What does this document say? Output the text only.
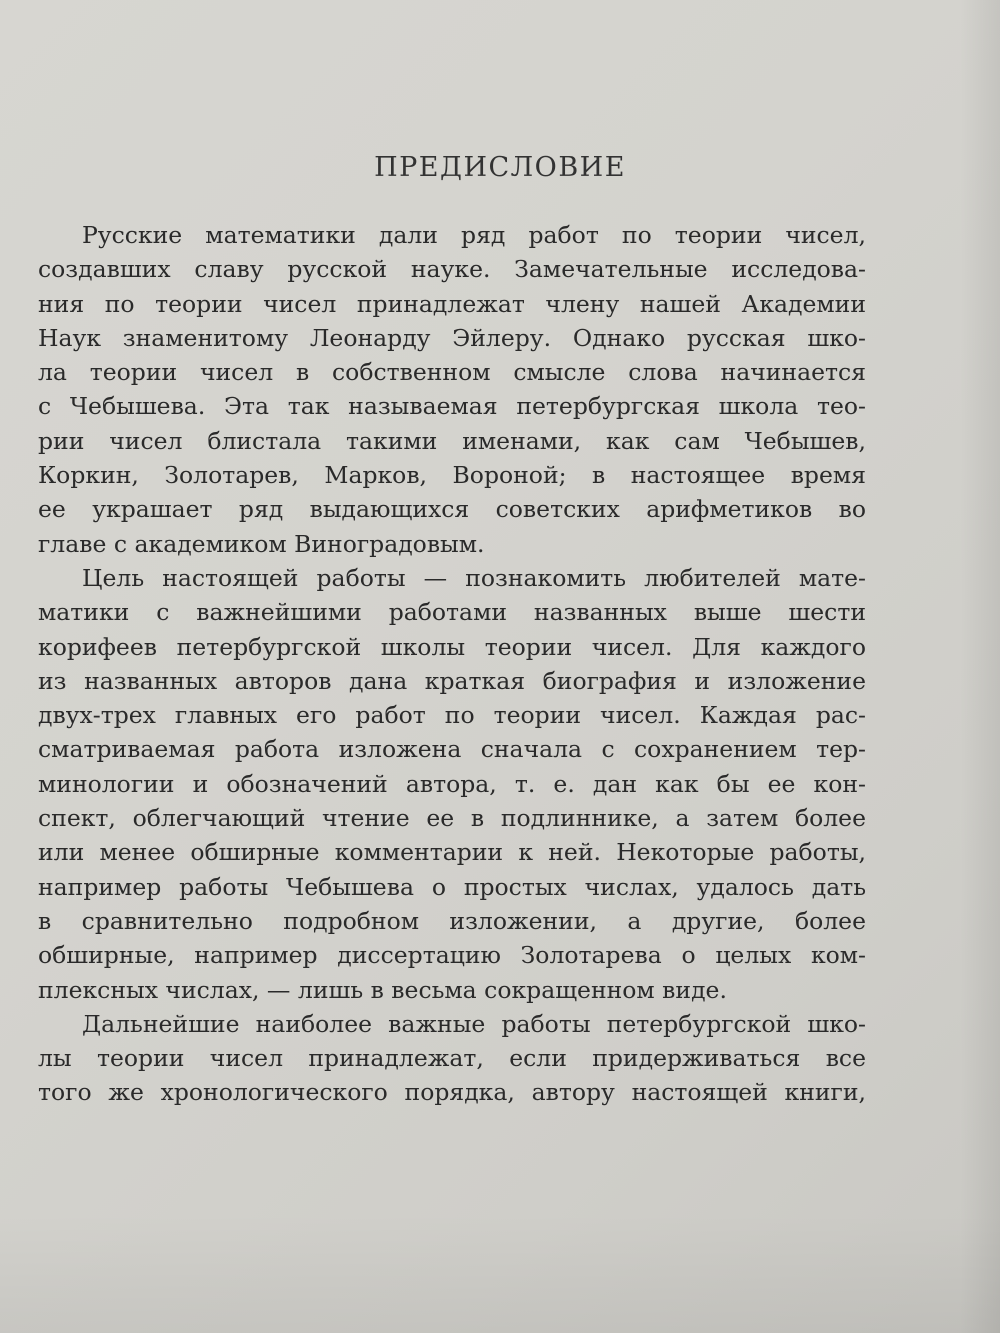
ПРЕДИСЛОВИЕ
Русские математики дали ряд работ по теории чисел,
создавших славу русской науке. Замечательные исследова-
ния по теории чисел принадлежат члену нашей Академии
Наук знаменитому Леонарду Эйлеру. Однако русская шко-
ла теории чисел в собственном смысле слова начинается
с Чебышева. Эта так называемая петербургская школа тео-
рии чисел блистала такими именами, как сам Чебышев,
Коркин, Золотарев, Марков, Вороной; в настоящее время
ее украшает ряд выдающихся советских арифметиков во
главе с академиком Виноградовым.
Цель настоящей работы — познакомить любителей мате-
матики с важнейшими работами названных выше шести
корифеев петербургской школы теории чисел. Для каждого
из названных авторов дана краткая биография и изложение
двух-трех главных его работ по теории чисел. Каждая рас-
сматриваемая работа изложена сначала с сохранением тер-
минологии и обозначений автора, т. е. дан как бы ее кон-
спект, облегчающий чтение ее в подлиннике, а затем более
или менее обширные комментарии к ней. Некоторые работы,
например работы Чебышева о простых числах, удалось дать
в сравнительно подробном изложении, а другие, более
обширные, например диссертацию Золотарева о целых ком-
плексных числах, — лишь в весьма сокращенном виде.
Дальнейшие наиболее важные работы петербургской шко-
лы теории чисел принадлежат, если придерживаться все
того же хронологического порядка, автору настоящей книги,
